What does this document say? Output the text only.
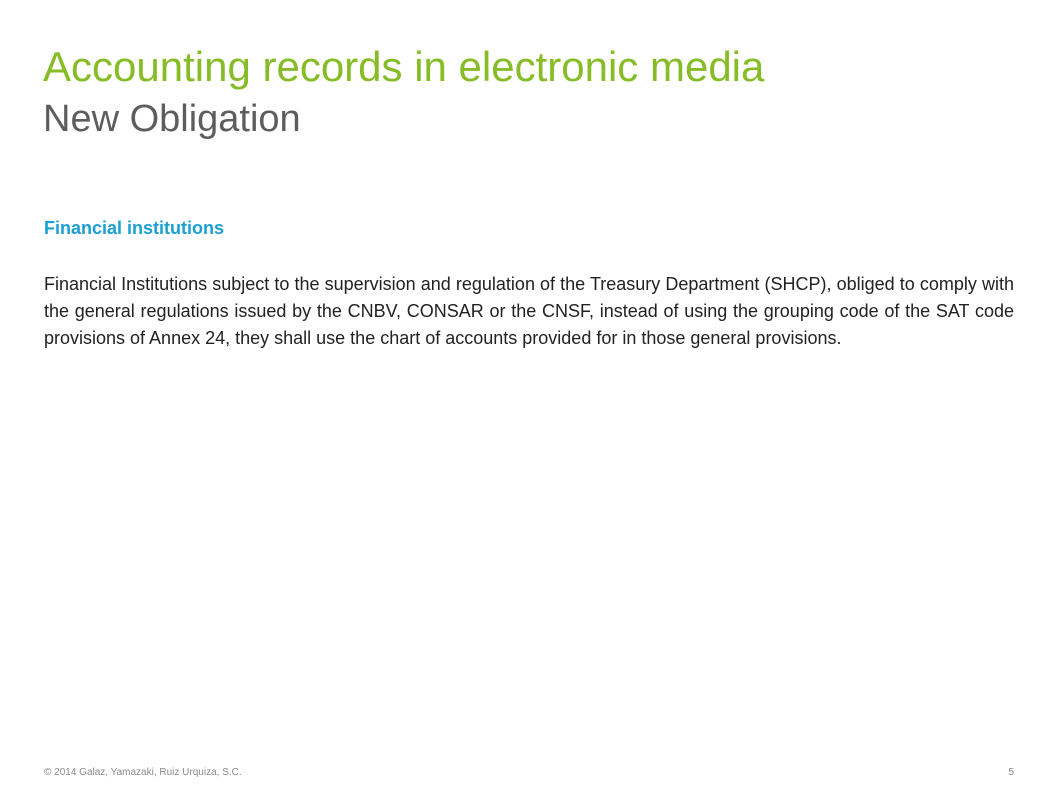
Accounting records in electronic media
New Obligation
Financial institutions

Financial Institutions subject to the supervision and regulation of the Treasury Department (SHCP), obliged to comply with the general regulations issued by the CNBV, CONSAR or the CNSF, instead of using the grouping code of the SAT code provisions of Annex 24, they shall use the chart of accounts provided for in those general provisions.

© 2014 Galaz, Yamazaki, Ruiz Urquiza, S.C.	5
